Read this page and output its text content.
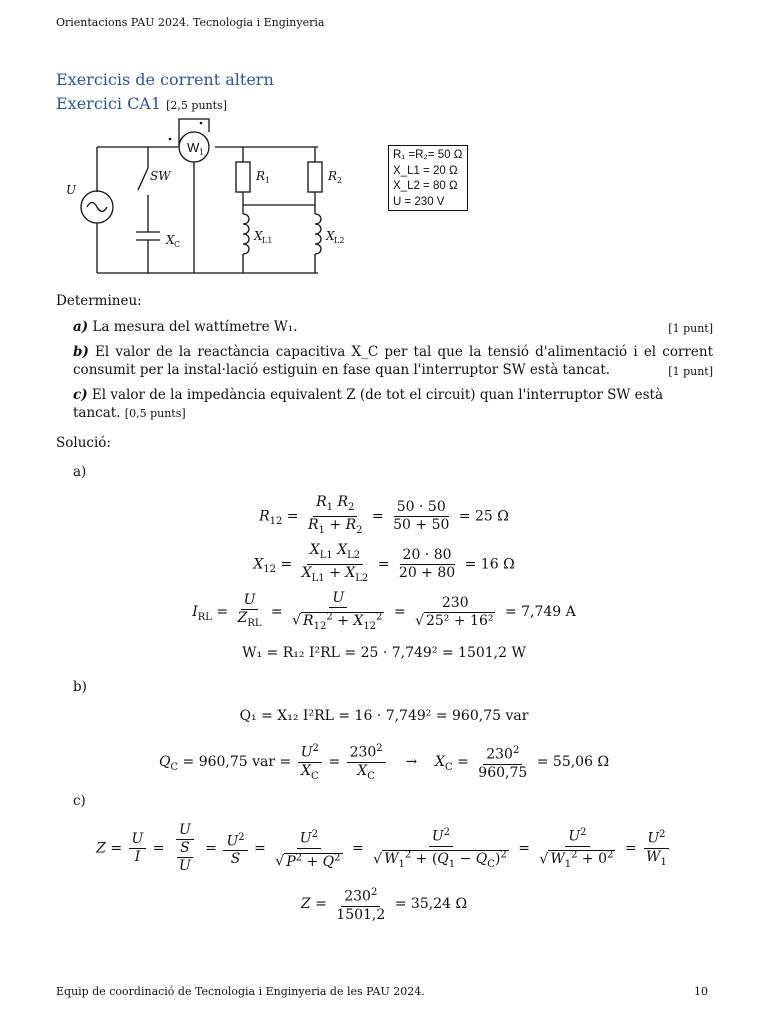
Orientacions PAU 2024. Tecnologia i Enginyeria
Exercicis de corrent altern
Exercici CA1 [2,5 punts]
W 1
U
SW
X C
R 1	R 2
X L1	X L2
R₁ =R₂= 50 Ω
X_L1 = 20 Ω
X_L2 = 80 Ω
U = 230 V
Determineu:
a) La mesura del wattímetre W₁.	[1 punt]
b) El valor de la reactància capacitiva X_C per tal que la tensió d'alimentació i el corrent consumit per la instal·lació estiguin en fase quan l'interruptor SW està tancat.	[1 punt]
c) El valor de la impedància equivalent Z (de tot el circuit) quan l'interruptor SW està tancat. [0,5 punts]
Solució:
a)
$R_{12} = \frac{R_1 R_2}{R_1 + R_2} = \frac{50 \cdot 50}{50 + 50} = 25$ Ω
$X_{12} = \frac{X_{L1} X_{L2}}{X_{L1} + X_{L2}} = \frac{20 \cdot 80}{20 + 80} = 16$ Ω
$I_{RL} = \frac{U}{Z_{RL}} = \frac{U}{√ R_{12}^2 + X_{12}^2} = \frac{230}{\text{√ 25² + 16²}} = 7,749$ A
W₁ = R₁₂ I²RL = 25 · 7,749² = 1501,2 W
b)
Q₁ = X₁₂ I²RL = 16 · 7,749² = 960,75 var
$Q_C = 960,75$ var = $\frac{U^2}{X_C} = \frac{230^2}{X_C}$ →    $X_C = \frac{230^2}{960,75} = 55,06$ Ω
c)
$Z = \frac{U}{I} = \frac{U}{\frac{S}{U}} = \frac{U^2}{S} = \frac{U^2}{√ P^2 + Q^2} = \frac{U^2}{√ W_1^2 + (Q_1 - Q_C)^2} = \frac{U^2}{√ W_1^2 + 0^2} = \frac{U^2}{W_1}$
$Z = \frac{230^2}{1501,2} = 35,24$ Ω
Equip de coordinació de Tecnologia i Enginyeria de les PAU 2024.	10
